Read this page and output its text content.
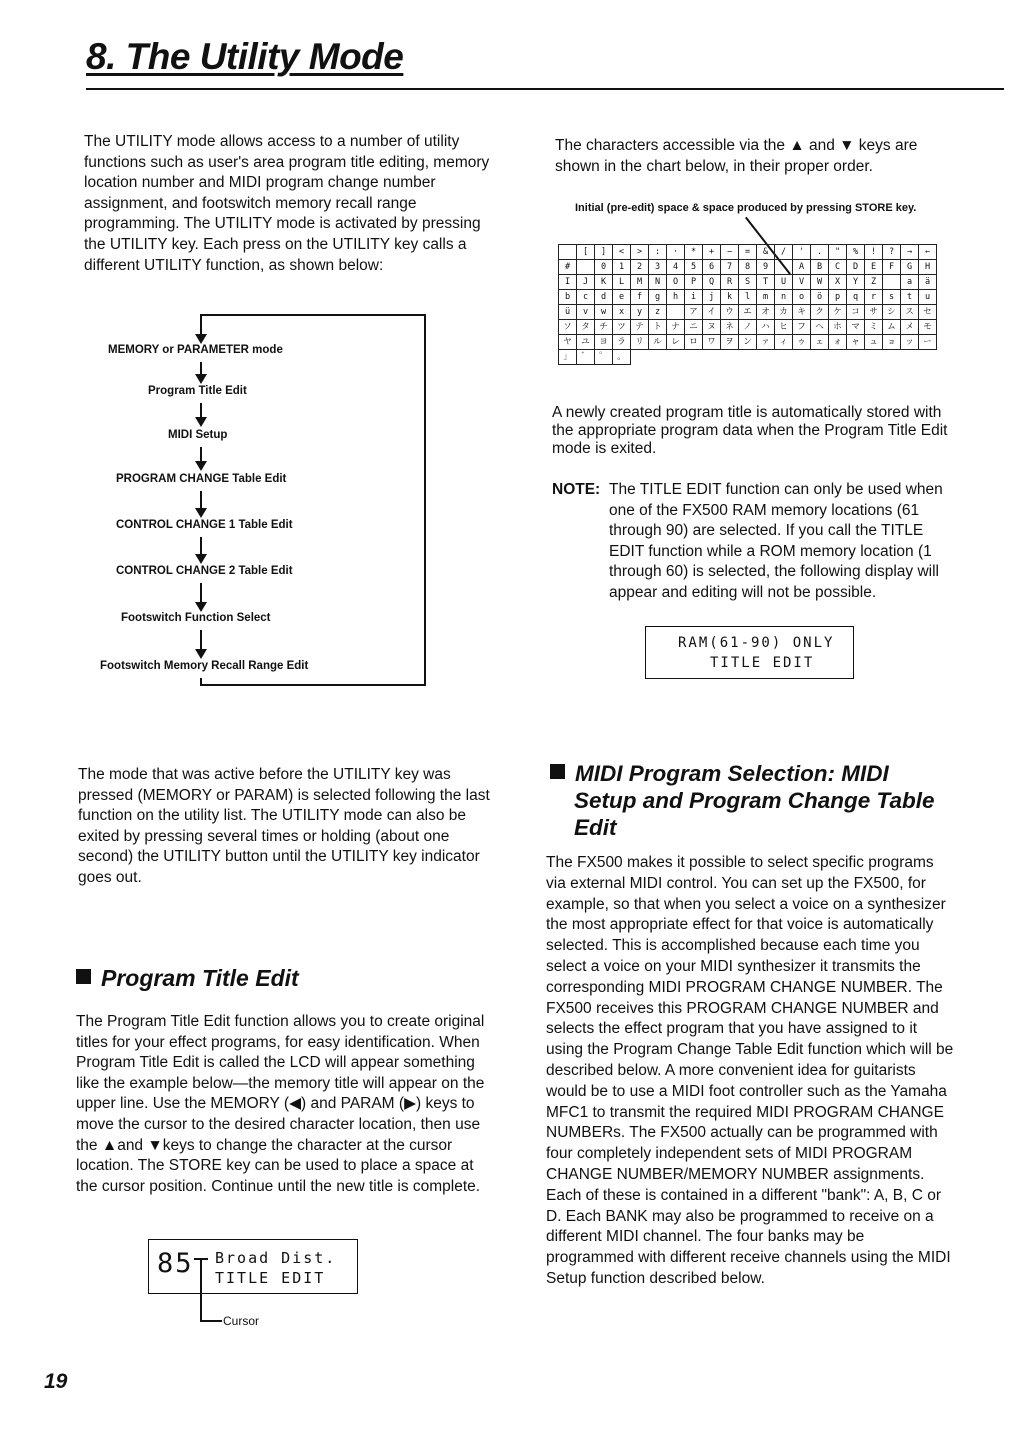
8. The Utility Mode

The UTILITY mode allows access to a number of utility functions such as user's area program title editing, memory location number and MIDI program change number assignment, and footswitch memory recall range programming. The UTILITY mode is activated by pressing the UTILITY key. Each press on the UTILITY key calls a different UTILITY function, as shown below:

MEMORY or PARAMETER mode
Program Title Edit
MIDI Setup
PROGRAM CHANGE Table Edit
CONTROL CHANGE 1 Table Edit
CONTROL CHANGE 2 Table Edit
Footswitch Function Select
Footswitch Memory Recall Range Edit

The mode that was active before the UTILITY key was pressed (MEMORY or PARAM) is selected following the last function on the utility list. The UTILITY mode can also be exited by pressing several times or holding (about one second) the UTILITY button until the UTILITY key indicator goes out.

Program Title Edit

The Program Title Edit function allows you to create original titles for your effect programs, for easy identification. When Program Title Edit is called the LCD will appear something like the example below—the memory title will appear on the upper line. Use the MEMORY (◀) and PARAM (▶) keys to move the cursor to the desired character location, then use the ▲and ▼keys to change the character at the cursor location. The STORE key can be used to place a space at the cursor position. Continue until the new title is complete.

85 Broad Dist.
TITLE EDIT
Cursor

The characters accessible via the ▲ and ▼ keys are shown in the chart below, in their proper order.

Initial (pre-edit) space & space produced by pressing STORE key.
	[	]	<	>	:	·	*	+	−	=	&	/	'	.	"	%	!	?	→	←
#		0	1	2	3	4	5	6	7	8	9		A	B	C	D	E	F	G	H
I	J	K	L	M	N	O	P	Q	R	S	T	U	V	W	X	Y	Z		a	ä
b	c	d	e	f	g	h	i	j	k	l	m	n	o	ö	p	q	r	s	t	u
ü	v	w	x	y	z		ア	イ	ウ	エ	オ	カ	キ	ク	ケ	コ	サ	シ	ス	セ
ソ	タ	チ	ツ	テ	ト	ナ	ニ	ヌ	ネ	ノ	ハ	ヒ	フ	ヘ	ホ	マ	ミ	ム	メ	モ
ヤ	ユ	ヨ	ラ	リ	ル	レ	ロ	ワ	ヲ	ン	ァ	ィ	ゥ	ェ	ォ	ャ	ュ	ョ	ッ	ー
」	゛	゜	。																	

A newly created program title is automatically stored with the appropriate program data when the Program Title Edit mode is exited.

NOTE: The TITLE EDIT function can only be used when one of the FX500 RAM memory locations (61 through 90) are selected. If you call the TITLE EDIT function while a ROM memory location (1 through 60) is selected, the following display will appear and editing will not be possible.

RAM(61-90) ONLY
TITLE EDIT
MIDI Program Selection: MIDI
Setup and Program Change Table
Edit

The FX500 makes it possible to select specific programs via external MIDI control. You can set up the FX500, for example, so that when you select a voice on a synthesizer the most appropriate effect for that voice is automatically selected. This is accomplished because each time you select a voice on your MIDI synthesizer it transmits the corresponding MIDI PROGRAM CHANGE NUMBER. The FX500 receives this PROGRAM CHANGE NUMBER and selects the effect program that you have assigned to it using the Program Change Table Edit function which will be described below. A more convenient idea for guitarists would be to use a MIDI foot controller such as the Yamaha MFC1 to transmit the required MIDI PROGRAM CHANGE NUMBERs. The FX500 actually can be programmed with four completely independent sets of MIDI PROGRAM CHANGE NUMBER/MEMORY NUMBER assignments. Each of these is contained in a different "bank": A, B, C or D. Each BANK may also be programmed to receive on a different MIDI channel. The four banks may be programmed with different receive channels using the MIDI Setup function described below.

19
